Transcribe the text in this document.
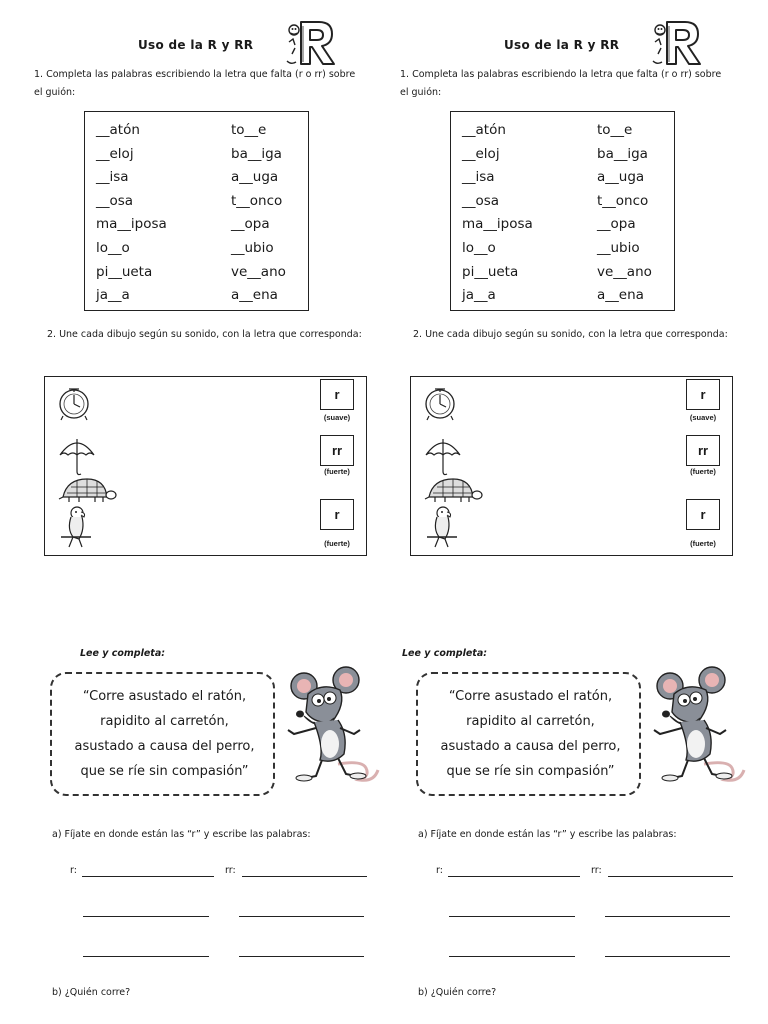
Uso de la R y RR
1. Completa las palabras escribiendo la letra que falta (r o rr) sobre el guión:
__atón
__eloj
__isa
__osa
ma__iposa
lo__o
pi__ueta
ja__a
to__e
ba__iga
a__uga
t__onco
__opa
__ubio
ve__ano
a__ena
2. Une cada dibujo según su sonido, con la letra que corresponda:
r
(suave)
rr
(fuerte)
r
(fuerte)
Lee y completa:
“Corre asustado el ratón,
rapidito al carretón,
asustado a causa del perro,
que se ríe sin compasión”
a) Fíjate en donde están las “r” y escribe las palabras:
r:	rr:
b) ¿Quién corre?
Uso de la R y RR
1. Completa las palabras escribiendo la letra que falta (r o rr) sobre el guión:
__atón
__eloj
__isa
__osa
ma__iposa
lo__o
pi__ueta
ja__a
to__e
ba__iga
a__uga
t__onco
__opa
__ubio
ve__ano
a__ena
2. Une cada dibujo según su sonido, con la letra que corresponda:
r
(suave)
rr
(fuerte)
r
(fuerte)
Lee y completa:
“Corre asustado el ratón,
rapidito al carretón,
asustado a causa del perro,
que se ríe sin compasión”
a) Fíjate en donde están las “r” y escribe las palabras:
r:	rr:
b) ¿Quién corre?
